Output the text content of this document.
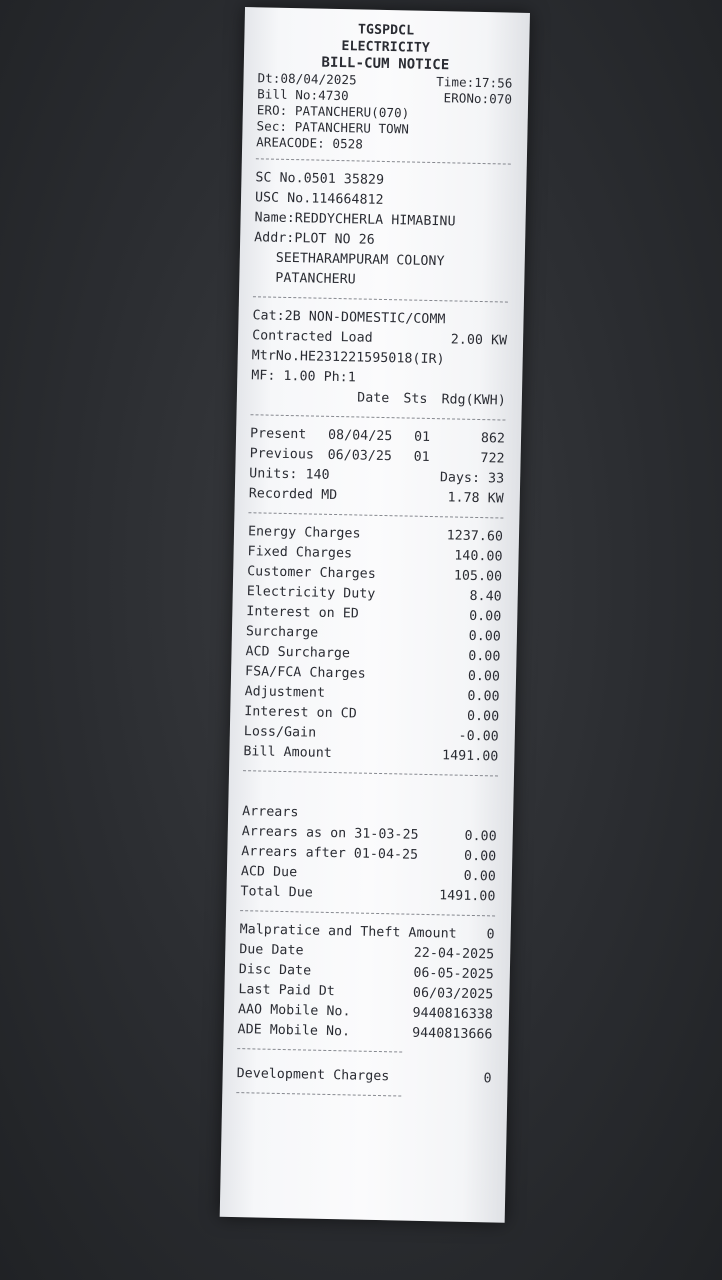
TGSPDCL
ELECTRICITY
BILL-CUM NOTICE
Dt:08/04/2025	Time:17:56
Bill No:4730	ERONo:070
ERO: PATANCHERU(070)
Sec: PATANCHERU TOWN
AREACODE: 0528
SC No.0501 35829
USC No.114664812
Name:REDDYCHERLA HIMABINU
Addr:PLOT NO 26
SEETHARAMPURAM COLONY
PATANCHERU
Cat:2B NON-DOMESTIC/COMM
Contracted Load	2.00 KW
MtrNo.HE231221595018(IR)
MF: 1.00 Ph:1
Date Sts Rdg(KWH)
Present	08/04/25	01	862
Previous	06/03/25	01	722
Units: 140	Days: 33
Recorded MD	1.78 KW
Energy Charges	1237.60
Fixed Charges	140.00
Customer Charges	105.00
Electricity Duty	8.40
Interest on ED	0.00
Surcharge	0.00
ACD Surcharge	0.00
FSA/FCA Charges	0.00
Adjustment	0.00
Interest on CD	0.00
Loss/Gain	-0.00
Bill Amount	1491.00
Arrears
Arrears as on 31-03-25	0.00
Arrears after 01-04-25	0.00
ACD Due	0.00
Total Due	1491.00
Malpratice and Theft Amount 0
Due Date	22-04-2025
Disc Date	06-05-2025
Last Paid Dt	06/03/2025
AAO Mobile No.	9440816338
ADE Mobile No.	9440813666
Development Charges	0
